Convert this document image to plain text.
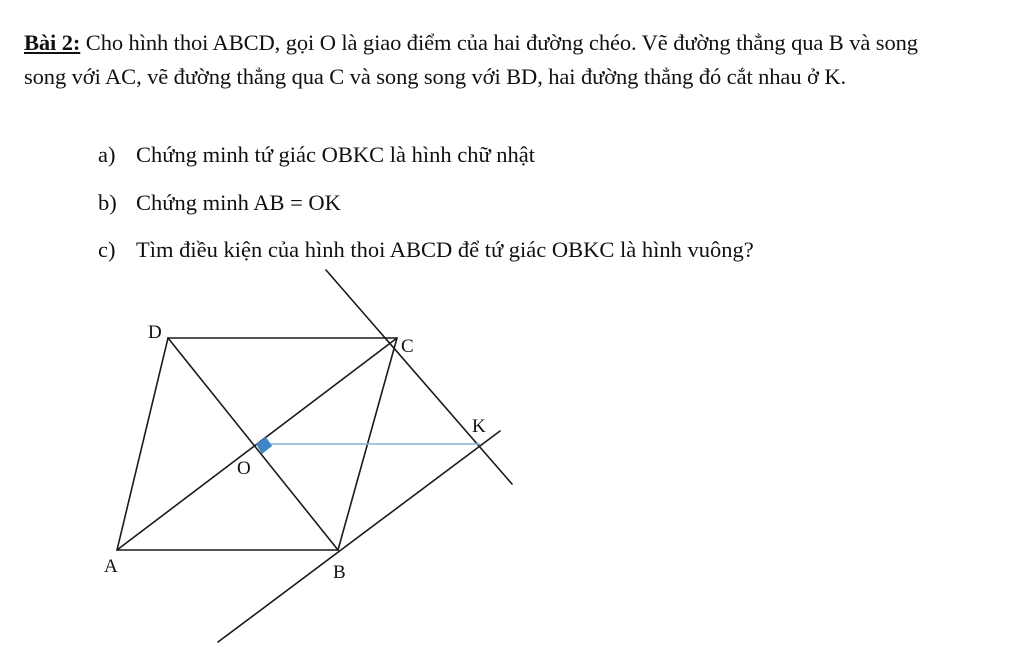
Bài 2: Cho hình thoi ABCD, gọi O là giao điểm của hai đường chéo. Vẽ đường thẳng qua B và song song với AC, vẽ đường thẳng qua C và song song với BD, hai đường thẳng đó cắt nhau ở K.
a) Chứng minh tứ giác OBKC là hình chữ nhật
b) Chứng minh AB = OK
c) Tìm điều kiện của hình thoi ABCD để tứ giác OBKC là hình vuông?
D
C
K
O
A	B
